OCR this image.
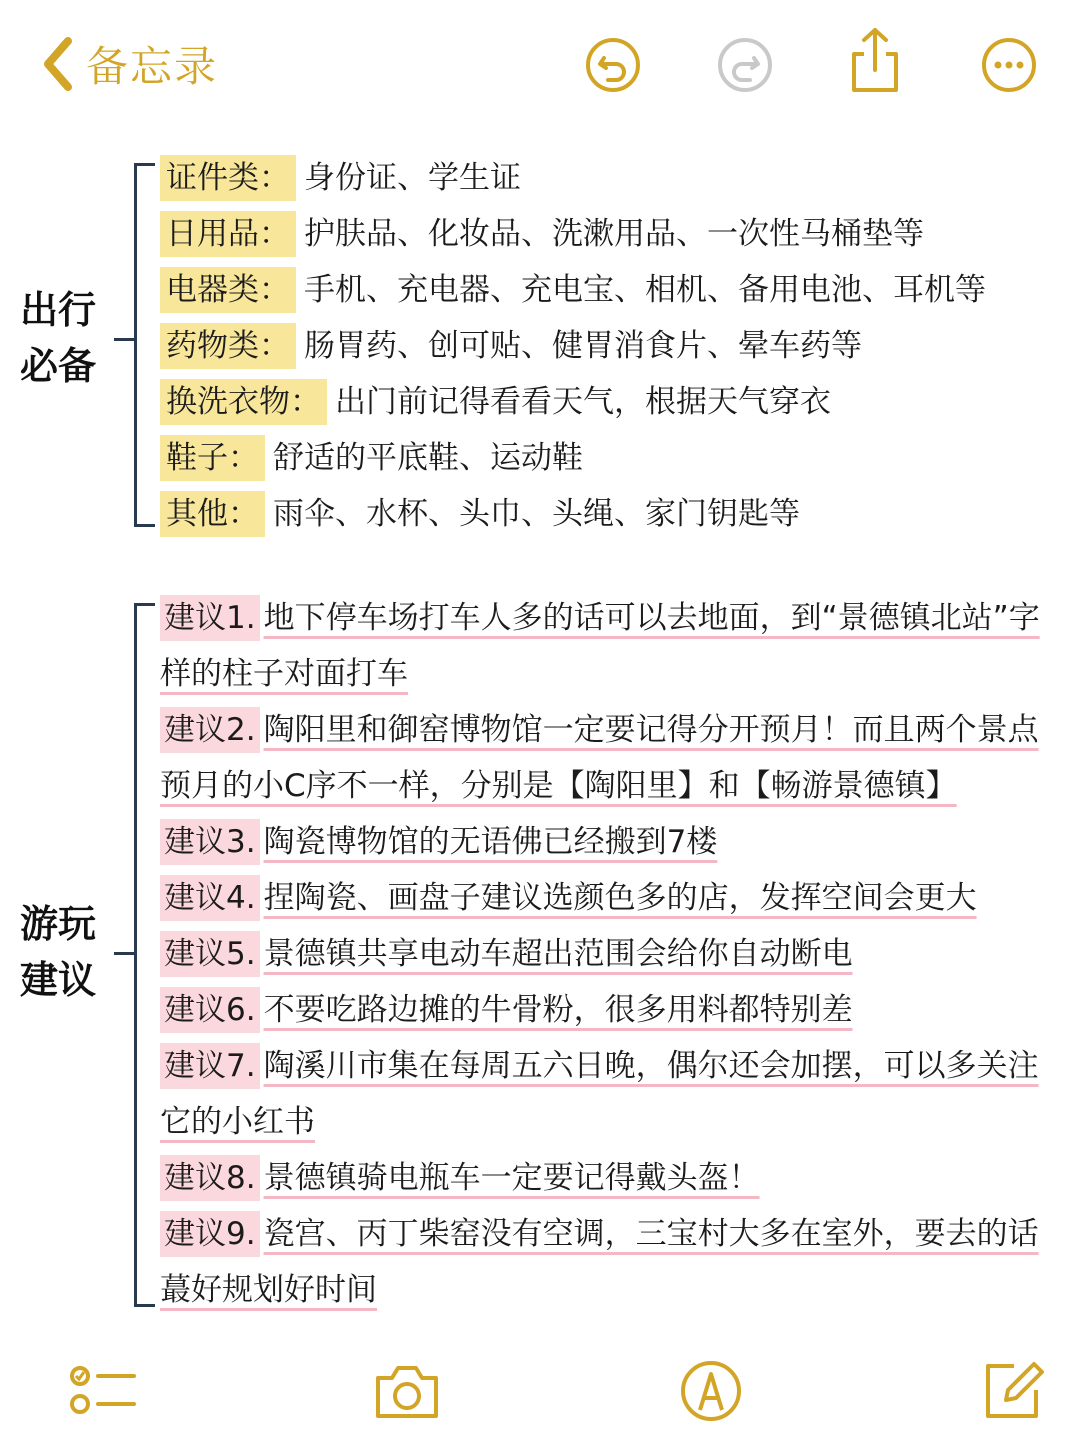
备忘录
出行
必备
证件类： 身份证、学生证
日用品： 护肤品、化妆品、洗漱用品、一次性马桶垫等
电器类： 手机、充电器、充电宝、相机、备用电池、耳机等
药物类： 肠胃药、创可贴、健胃消食片、晕车药等
换洗衣物： 出门前记得看看天气，根据天气穿衣
鞋子： 舒适的平底鞋、运动鞋
其他： 雨伞、水杯、头巾、头绳、家门钥匙等
游玩
建议
建议1. 地下停车场打车人多的话可以去地面，到“景德镇北站”字样的柱子对面打车
建议2. 陶阳里和御窑博物馆一定要记得分开预月！而且两个景点预月的小C序不一样，分别是【陶阳里】和【畅游景德镇】
建议3. 陶瓷博物馆的无语佛已经搬到7楼
建议4. 捏陶瓷、画盘子建议选颜色多的店，发挥空间会更大
建议5. 景德镇共享电动车超出范围会给你自动断电
建议6. 不要吃路边摊的牛骨粉，很多用料都特别差
建议7. 陶溪川市集在每周五六日晚，偶尔还会加摆，可以多关注它的小红书
建议8. 景德镇骑电瓶车一定要记得戴头盔！
建议9. 瓷宫、丙丁柴窑没有空调，三宝村大多在室外，要去的话蕞好规划好时间
